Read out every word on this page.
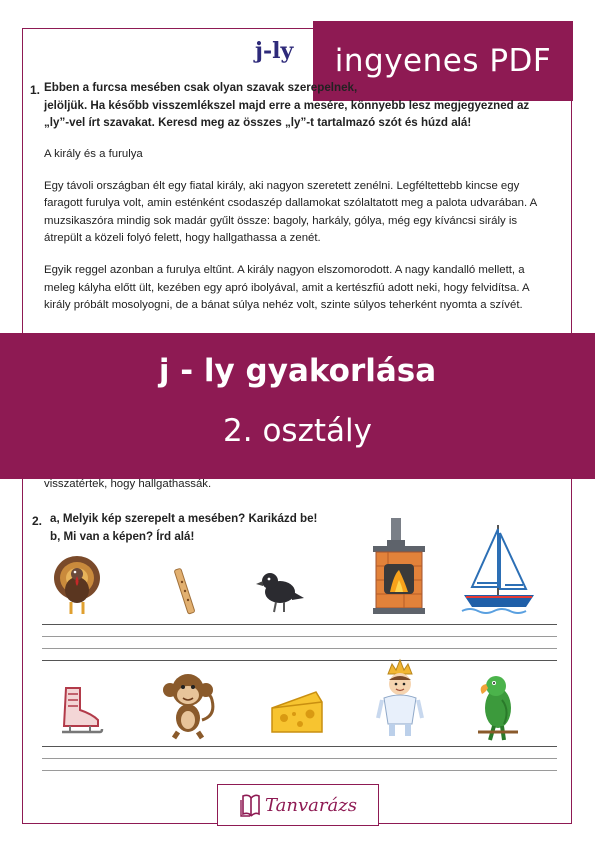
j-ly	ingyenes PDF
1. Ebben a furcsa mesében csak olyan szavak szerepelnek,
jelöljük. Ha később visszemlékszel majd erre a mesére, könnyebb lesz megjegyezned az
„ly”-vel írt szavakat. Keresd meg az összes „ly”-t tartalmazó szót és húzd alá!

A király és a furulya

Egy távoli országban élt egy fiatal király, aki nagyon szeretett zenélni. Legféltettebb kincse egy faragott furulya volt, amin esténként csodaszép dallamokat szólaltatott meg a palota udvarában. A muzsikaszóra mindig sok madár gyűlt össze: bagoly, harkály, gólya, még egy kíváncsi sirály is átrepült a közeli folyó felett, hogy hallgathassa a zenét.

Egyik reggel azonban a furulya eltűnt. A király nagyon elszomorodott. A nagy kandalló mellett, a meleg kályha előtt ült, kezében egy apró ibolyával, amit a kertészfiú adott neki, hogy felvidítsa. A király próbált mosolyogni, de a bánat súlya nehéz volt, szinte súlyos teherként nyomta a szívét.

j - ly gyakorlása
2. osztály
visszatértek, hogy hallgathassák.
2. a, Melyik kép szerepelt a mesében? Karikázd be!
b, Mi van a képen? Írd alá!
Tanvarázs
